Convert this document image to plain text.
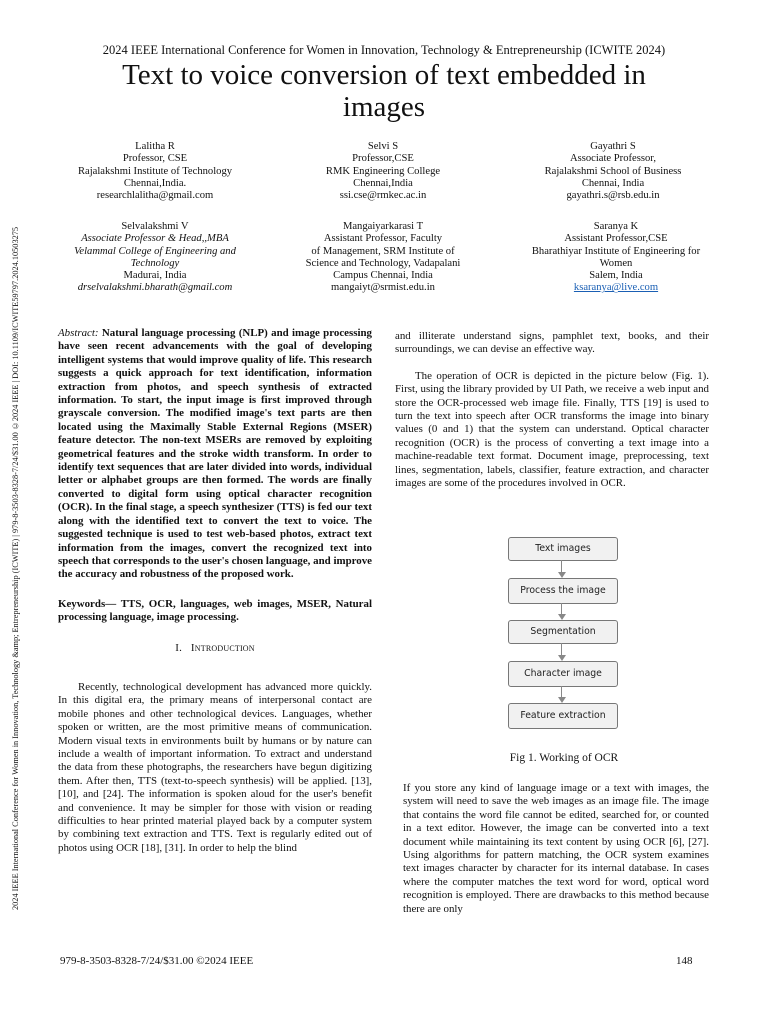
2024 IEEE International Conference for Women in Innovation, Technology & Entrepreneurship (ICWITE 2024)
Text to voice conversion of text embedded in
images
2024 IEEE International Conference for Women in Innovation, Technology &amp; Entrepreneurship (ICWITE) | 979-8-3503-8328-7/24/$31.00 ©2024 IEEE | DOI: 10.1109/ICWITE59797.2024.10503275
Lalitha R
Professor, CSE
Rajalakshmi Institute of Technology
Chennai,India.
researchlalitha@gmail.com
Selvi S
Professor,CSE
RMK Engineering College
Chennai,India
ssi.cse@rmkec.ac.in
Gayathri S
Associate Professor,
Rajalakshmi School of Business
Chennai, India
gayathri.s@rsb.edu.in
Selvalakshmi V
Associate Professor & Head,,MBA
Velammal College of Engineering and
Technology
Madurai, India
drselvalakshmi.bharath@gmail.com
Mangaiyarkarasi T
Assistant Professor, Faculty
of Management, SRM Institute of
Science and Technology, Vadapalani
Campus Chennai, India
mangaiyt@srmist.edu.in
Saranya K
Assistant Professor,CSE
Bharathiyar Institute of Engineering for
Women
Salem, India
ksaranya@live.com

Abstract: Natural language processing (NLP) and image processing have seen recent advancements with the goal of developing intelligent systems that would improve quality of life. This research suggests a quick approach for text identification, information extraction from photos, and speech synthesis of extracted information. To start, the input image is first improved through grayscale conversion. The modified image's text parts are then located using the Maximally Stable External Regions (MSER) feature detector. The non-text MSERs are removed by exploiting geometrical features and the stroke width transform. In order to identify text sequences that are later divided into words, individual letter or alphabet groups are then formed. The words are finally converted to digital form using optical character recognition (OCR). In the final stage, a speech synthesizer (TTS) is fed our text along with the identified text to convert the text to voice. The suggested technique is used to test web-based photos, extract text information from the images, convert the recognized text into speech that corresponds to the user's chosen language, and improve the accuracy and robustness of the proposed work.

Keywords— TTS, OCR, languages, web images, MSER, Natural processing language, image processing.

I. Introduction

Recently, technological development has advanced more quickly. In this digital era, the primary means of interpersonal contact are mobile phones and other technological devices. Languages, whether spoken or written, are the most primitive means of communication. Modern visual texts in environments built by humans or by nature can include a wealth of important information. To extract and understand the data from these photographs, the researchers have begun digitizing them. After then, TTS (text-to-speech synthesis) will be applied. [13], [10], and [24]. The information is spoken aloud for the user's benefit and convenience. It may be simpler for those with vision or reading difficulties to hear printed material played back by a computer system by combining text extraction and TTS. Text is regularly edited out of photos using OCR [18], [31]. In order to help the blind

and illiterate understand signs, pamphlet text, books, and their surroundings, we can devise an effective way.

The operation of OCR is depicted in the picture below (Fig. 1). First, using the library provided by UI Path, we receive a web input and store the OCR-processed web image file. Finally, TTS [19] is used to turn the text into speech after OCR transforms the image into binary values (0 and 1) that the system can understand. Optical character recognition (OCR) is the process of converting a text image into a machine-readable text format. Document image, preprocessing, text lines, segmentation, labels, classifier, feature extraction, and character images are some of the procedures involved in OCR.

Text images
Process the image
Segmentation
Character image
Feature extraction
Fig 1. Working of OCR

If you store any kind of language image or a text with images, the system will need to save the web images as an image file. The image that contains the word file cannot be edited, searched for, or counted in a text editor. However, the image can be converted into a text document while maintaining its text content by using OCR [6], [27]. Using algorithms for pattern matching, the OCR system examines text images character by character for its internal database. In cases where the computer matches the text word for word, optical word recognition is employed. There are drawbacks to this method because there are only

979-8-3503-8328-7/24/$31.00 ©2024 IEEE	148
